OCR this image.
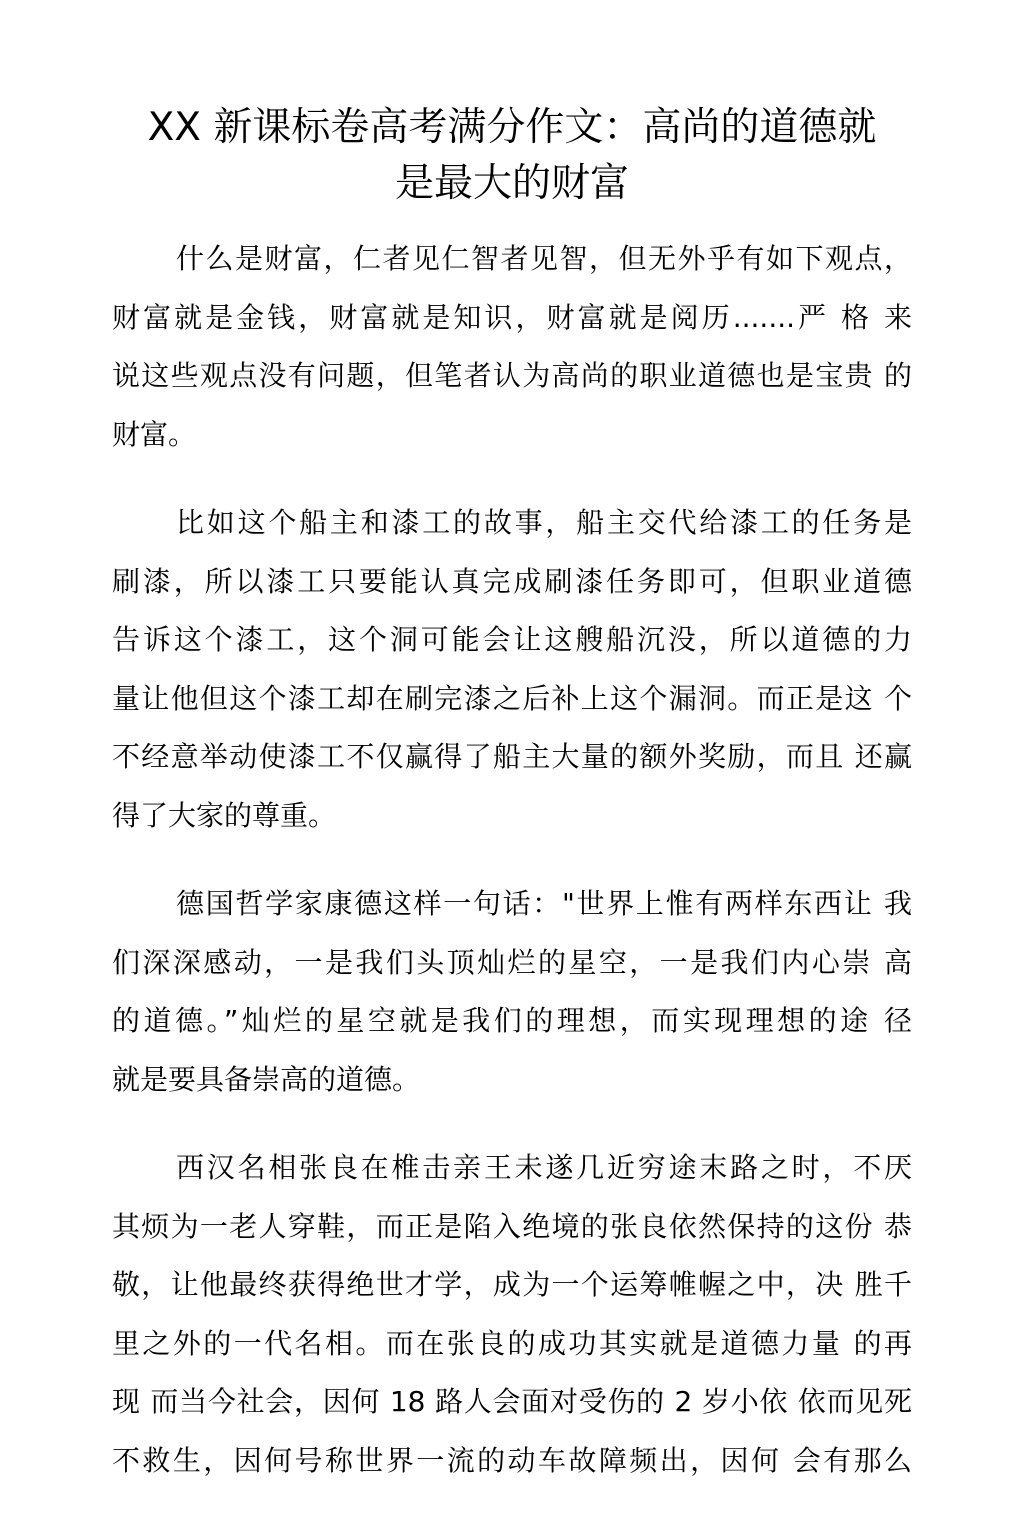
XX 新课标卷高考满分作文：高尚的道德就
是最大的财富
什么是财富，仁者见仁智者见智，但无外乎有如下观点，
财富就是金钱，财富就是知识，财富就是阅历.......严 格 来
说这些观点没有问题，但笔者认为高尚的职业道德也是宝贵 的
财富。
比如这个船主和漆工的故事，船主交代给漆工的任务是
刷漆，所以漆工只要能认真完成刷漆任务即可，但职业道德
告诉这个漆工，这个洞可能会让这艘船沉没，所以道德的力
量让他但这个漆工却在刷完漆之后补上这个漏洞。而正是这 个
不经意举动使漆工不仅赢得了船主大量的额外奖励，而且 还赢
得了大家的尊重。
德国哲学家康德这样一句话："世界上惟有两样东西让 我
们深深感动，一是我们头顶灿烂的星空，一是我们内心崇 高
的道德。”灿烂的星空就是我们的理想，而实现理想的途 径
就是要具备崇高的道德。
西汉名相张良在椎击亲王未遂几近穷途末路之时，不厌
其烦为一老人穿鞋，而正是陷入绝境的张良依然保持的这份 恭
敬，让他最终获得绝世才学，成为一个运筹帷幄之中，决 胜千
里之外的一代名相。而在张良的成功其实就是道德力量 的再
现 而当今社会，因何 18 路人会面对受伤的 2 岁小依 依而见死
不救生，因何号称世界一流的动车故障频出，因何 会有那么
